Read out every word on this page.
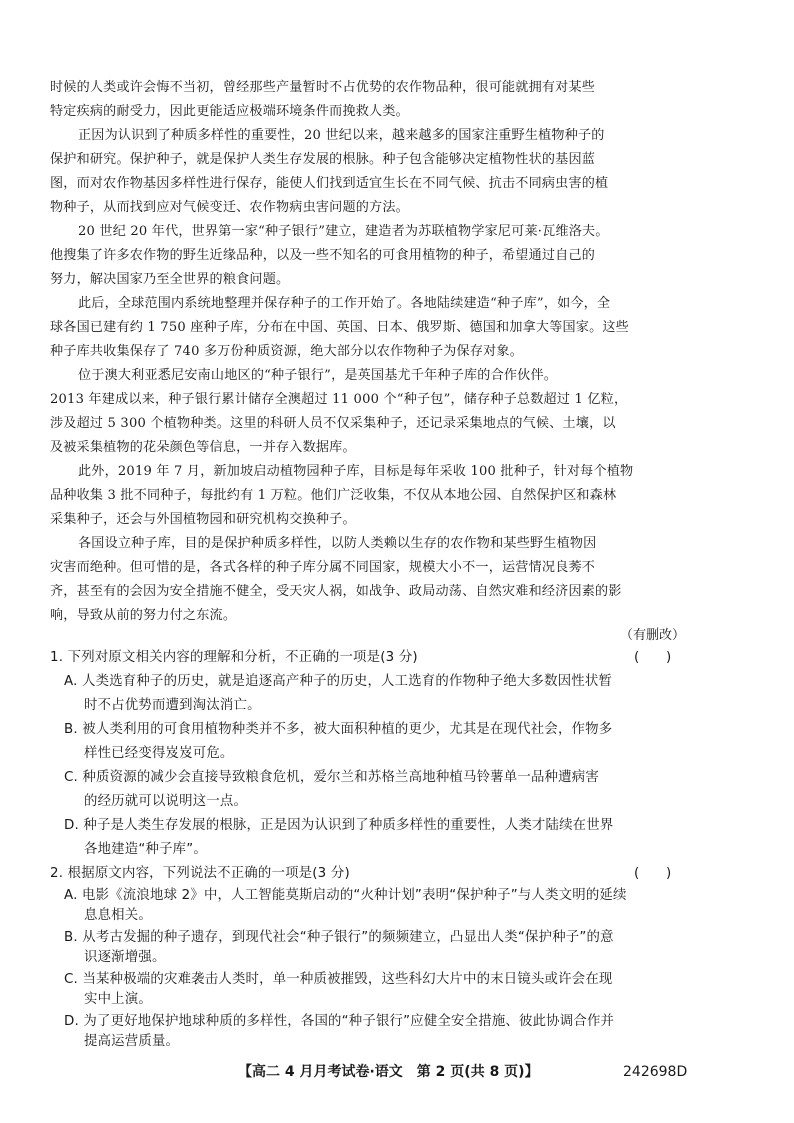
时候的人类或许会悔不当初，曾经那些产量暂时不占优势的农作物品种，很可能就拥有对某些
特定疾病的耐受力，因此更能适应极端环境条件而挽救人类。
正因为认识到了种质多样性的重要性，20 世纪以来，越来越多的国家注重野生植物种子的
保护和研究。保护种子，就是保护人类生存发展的根脉。种子包含能够决定植物性状的基因蓝
图，而对农作物基因多样性进行保存，能使人们找到适宜生长在不同气候、抗击不同病虫害的植
物种子，从而找到应对气候变迁、农作物病虫害问题的方法。
20 世纪 20 年代，世界第一家“种子银行”建立，建造者为苏联植物学家尼可莱·瓦维洛夫。
他搜集了许多农作物的野生近缘品种，以及一些不知名的可食用植物的种子，希望通过自己的
努力，解决国家乃至全世界的粮食问题。
此后，全球范围内系统地整理并保存种子的工作开始了。各地陆续建造“种子库”，如今，全
球各国已建有约 1 750 座种子库，分布在中国、英国、日本、俄罗斯、德国和加拿大等国家。这些
种子库共收集保存了 740 多万份种质资源，绝大部分以农作物种子为保存对象。
位于澳大利亚悉尼安南山地区的“种子银行”，是英国基尤千年种子库的合作伙伴。
2013 年建成以来，种子银行累计储存全澳超过 11 000 个“种子包”，储存种子总数超过 1 亿粒，
涉及超过 5 300 个植物种类。这里的科研人员不仅采集种子，还记录采集地点的气候、土壤，以
及被采集植物的花朵颜色等信息，一并存入数据库。
此外，2019 年 7 月，新加坡启动植物园种子库，目标是每年采收 100 批种子，针对每个植物
品种收集 3 批不同种子，每批约有 1 万粒。他们广泛收集，不仅从本地公园、自然保护区和森林
采集种子，还会与外国植物园和研究机构交换种子。
各国设立种子库，目的是保护种质多样性，以防人类赖以生存的农作物和某些野生植物因
灾害而绝种。但可惜的是，各式各样的种子库分属不同国家，规模大小不一，运营情况良莠不
齐，甚至有的会因为安全措施不健全，受天灾人祸，如战争、政局动荡、自然灾难和经济因素的影
响，导致从前的努力付之东流。
（有删改）
1. 下列对原文相关内容的理解和分析，不正确的一项是(3 分)	(　　)
A. 人类选育种子的历史，就是追逐高产种子的历史，人工选育的作物种子绝大多数因性状暂
时不占优势而遭到淘汰消亡。
B. 被人类利用的可食用植物种类并不多，被大面积种植的更少，尤其是在现代社会，作物多
样性已经变得岌岌可危。
C. 种质资源的减少会直接导致粮食危机，爱尔兰和苏格兰高地种植马铃薯单一品种遭病害
的经历就可以说明这一点。
D. 种子是人类生存发展的根脉，正是因为认识到了种质多样性的重要性，人类才陆续在世界
各地建造“种子库”。
2. 根据原文内容，下列说法不正确的一项是(3 分)	(　　)
A. 电影《流浪地球 2》中，人工智能莫斯启动的“火种计划”表明“保护种子”与人类文明的延续
息息相关。
B. 从考古发掘的种子遗存，到现代社会“种子银行”的频频建立，凸显出人类“保护种子”的意
识逐渐增强。
【高二 4 月月考试卷·语文　第 2 页(共 8 页)】	242698D
C. 当某种极端的灾难袭击人类时，单一种质被摧毁，这些科幻大片中的末日镜头或许会在现
实中上演。
D. 为了更好地保护地球种质的多样性，各国的“种子银行”应健全安全措施、彼此协调合作并
提高运营质量。
